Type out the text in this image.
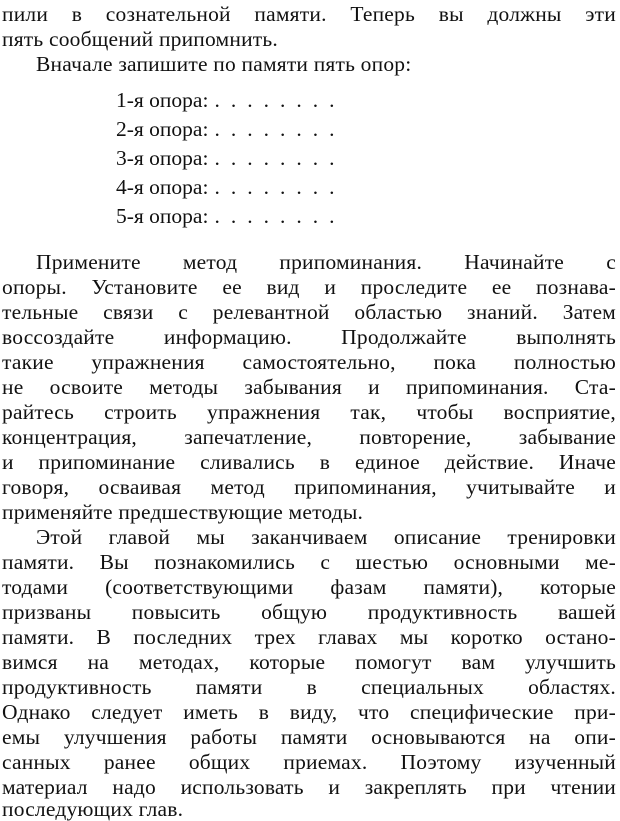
пили в сознательной памяти. Теперь вы должны эти
пять сообщений припомнить.
Вначале запишите по памяти пять опор:
1-я опора: ........
2-я опора: ........
3-я опора: ........
4-я опора: ........
5-я опора: ........
Примените метод припоминания. Начинайте с
опоры. Установите ее вид и проследите ее познава-
тельные связи с релевантной областью знаний. Затем
воссоздайте информацию. Продолжайте выполнять
такие упражнения самостоятельно, пока полностью
не освоите методы забывания и припоминания. Ста-
райтесь строить упражнения так, чтобы восприятие,
концентрация, запечатление, повторение, забывание
и припоминание сливались в единое действие. Иначе
говоря, осваивая метод припоминания, учитывайте и
применяйте предшествующие методы.
Этой главой мы заканчиваем описание тренировки
памяти. Вы познакомились с шестью основными ме-
тодами (соответствующими фазам памяти), которые
призваны повысить общую продуктивность вашей
памяти. В последних трех главах мы коротко остано-
вимся на методах, которые помогут вам улучшить
продуктивность памяти в специальных областях.
Однако следует иметь в виду, что специфические при-
емы улучшения работы памяти основываются на опи-
санных ранее общих приемах. Поэтому изученный
материал надо использовать и закреплять при чтении
последующих глав.
